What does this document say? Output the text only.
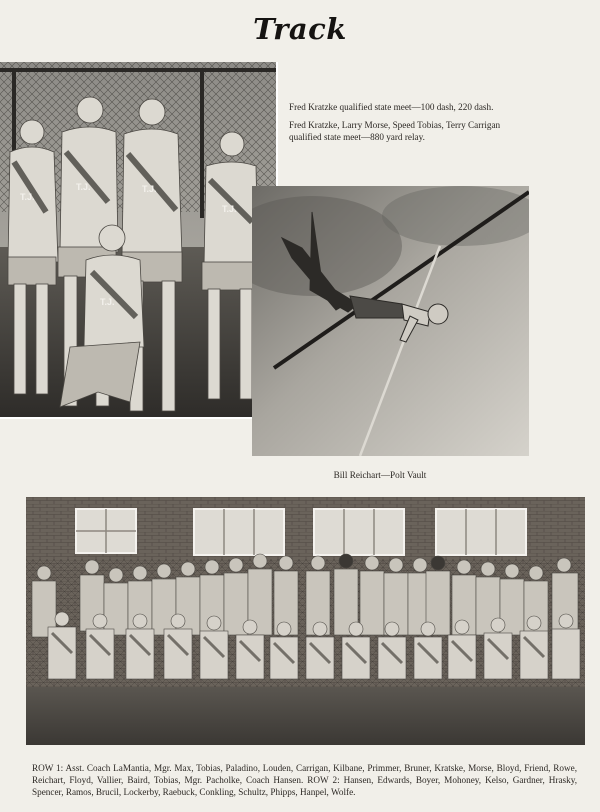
Track
T.J.
T.J.	T.J.
T.J.
T.J.

Fred Kratzke qualified state meet—100 dash, 220 dash.

Fred Kratzke, Larry Morse, Speed Tobias, Terry Carrigan qualified state meet—880 yard relay.

Bill Reichart—Polt Vault
ROW 1: Asst. Coach LaMantia, Mgr. Max, Tobias, Paladino, Louden, Carrigan, Kilbane, Primmer, Bruner, Kratske, Morse, Bloyd, Friend, Rowe, Reichart, Floyd, Vallier, Baird, Tobias, Mgr. Pacholke, Coach Hansen. ROW 2: Hansen, Edwards, Boyer, Mohoney, Kelso, Gardner, Hrasky, Spencer, Ramos, Brucil, Lockerby, Raebuck, Conkling, Schultz, Phipps, Hanpel, Wolfe.
